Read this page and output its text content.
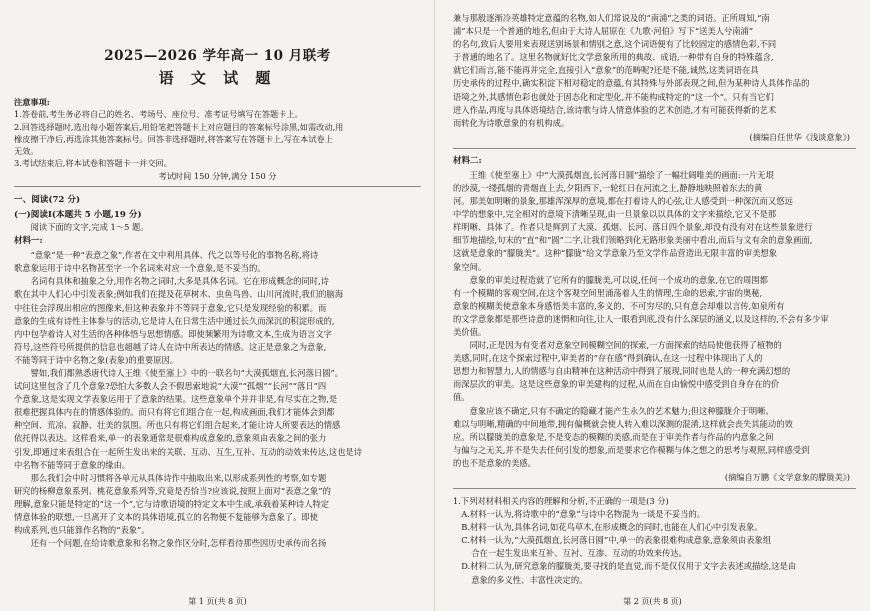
2025—2026 学年高一 10 月联考

语 文 试 题

注意事项:

1.答卷前,考生务必将自己的姓名、考场号、座位号、准考证号填写在答题卡上。

2.回答选择题时,选出每小题答案后,用铅笔把答题卡上对应题目的答案标号涂黑,如需改动,用

橡皮擦干净后,再选涂其他答案标号。回答非选择题时,将答案写在答题卡上,写在本试卷上

无效。

3.考试结束后,将本试卷和答题卡一并交回。

考试时间 150 分钟,满分 150 分

一、阅读(72 分)

(一)阅读Ⅰ(本题共 5 小题,19 分)

阅读下面的文字,完成 1～5 题。

材料一:

“意象”是一种“表意之象”,作者在文中利用具体、代之以等号化的事物名称,将诗

歌意象运用于诗中名物甚至字一个名词来对应一个意象,是不妥当的。

名词有具体和抽象之分,用作名物之词时,大多是具体名词。它在形成概念的同时,诗

歌在其中人们心中引发表象;例如我们在提及花草树木、虫鱼鸟兽、山川河流时,我们的脑海

中往往会浮现出相应的图像来,但这种表象并不等同于意象,它只是发现经验的积累。而

意象的生成有诗性主体参与的活动,它是诗人在日常生活中通过长久而深沉的积淀形成的,

内中包孕着诗人对生活的各种体悟与思想情感。即使频繁用为诗歌文本,生成为语言文字

符号,这些符号所提供的信息也超越了诗人在诗中所表达的情感。这正是意象之为意象,

不能等同于诗中名物之象(表象)的重要原因。

譬如,我们都熟悉唐代诗人王维《使至塞上》中的一联名句“大漠孤烟直,长河落日圆”。

试问这里包含了几个意象?恐怕大多数人会不假思索地说“大漠”“孤烟”“长河”“落日”四

个意象,这是实现文学表象运用于了意象的结果。这些意象单个并并非是,有尽实在之物,是

很难把握具体内在的情感体验的。而只有将它们组合在一起,构成画面,我们才能体会到都

种空间、荒凉、寂静、壮美的氛围。所也只有将它们组合起来,才能让诗人所要表达的情感

依托得以表达。这样看来,单一的表象通常是很难构成意象的,意象须由表象之间的张力

引发,即通过来表组合在一起所生发出来的关联、互动、互生,互补、互动的动效来传达,这也是诗

中名物不能等同于意象的缘由。

那么我们会中时习惯将各单元从具体诗作中抽取出来,以形成系列性的考察,如专题

研究的杨柳意象系列、桃花意象系列等,究竟是否恰当?应该说,按照上面对“表意之象”的

理解,意象只能是特定的“这一个”,它与诗歌语境的特定文本中生成,承载着某种诗人特定

情意体验的联想,一旦离开了文本的具体语境,孤立的名物便不复能够为意象了。即使

构成系列,也只能算作名物的“表象”。

还有一个问题,在给诗歌意象和名物之象作区分时,怎样看待那些因历史承传而名扬

第 1 页(共 8 页)

兼与那般逐渐冷英雄特定意蕴的名物,如人们常说及的“南浦”之类的词语。正所周知,“南

浦”本只是一个普通的地名,但由于大诗人屈原在《九歌·河伯》写下“送美人兮南浦”

的名句,致后人要用来表现送别场景和情别之意,这个词语便有了比较固定的感情色彩,不同

于普通的地名了。这里名物就好比文学意象所用的典故、成语,一种带有自身的特殊蕴含,

就它们而言,能不能再并完全,直接引入“意象”的范畴呢?还是不能,诚然,这类词语在具

历史承传的过程中,确实积淀下相对稳定的意蕴,有其特殊与外部表现之间,但为某种诗人具体作品的

语境之外,其感情色彩也就处于固态化和定型化,并不能构成特定的“这一个”。只有当它们

进入作品,再度与具体语境结合,该诗歌与诗人情意体验的艺术创造,才有可能获得新的艺术

而转化为诗歌意象的有机构成。

(摘编自任世华《浅谈意象》)

材料二:

王维《使至塞上》中“大漠孤烟直,长河落日圆”描绘了一幅壮阔唯美的画面:一片无垠

的沙漠,一缕孤烟的青烟直上去,夕阳西下,一轮红日在河流之上,静静地映照着东去的黄

河。那美如明晰的景象,那雄浑深厚的意境,都在打着诗人的心弦,让人感受到一种深沉而又悠远

中学的想象中,完全相对的意境下清晰呈现,由一旦景象以以具体的文字来描绘,它又不是那

样明晰、具体了。作者只是辉到了大漠、孤烟、长河、落日四个景象,却没有没有对在这些景象进行

细节地描绘,句末的“直”和“圆”二字,让我们领略到化无路形象美丽中看出,而后与文有余的意象画面,

这就是意象的“朦胧美”。这种“朦胧”给文学意象乃至文学作品营造出无限丰富的审美想象

象空间。

意象的审美过程造就了它所有的朦胧美,可以说,任何一个成功的意象,在它的周围都

有一个模糊的客观空间,在这个客观空间里涌荡着人生的情理,生命的思索,宇宙的奥秘,

意象的模糊美使意象本身感悟美丰富的,多义的、不可穷尽的,只有意会却难以言传,如泉所有

的文学意象都是那些诗意的迷惘和向往,让人一眼看到底,没有什么深层的涵义,以及这样的,不会有多少审

美价值。

同时,正是因为有变者对意象空间模糊空间的探索,一方面探索的结局使他获得了植物的

美感,同时,在这个探索过程中,审美者的“存在感”得到确认,在这一过程中体现出了人的

思想力和智慧力,人的情感与自由精神在这种活动中得到了展现,同时也是人的一种充满幻想的

而深层次的审美。这是这些意象的审美建构的过程,从而在自由愉悦中感受到自身存在的价

值。

意象应该不确定,只有不确定的隐藏才能产生永久的艺术魅力;但这种朦胧介于明晰、

难以与明晰,精确的中间地带,拥有偏概就会使人转入难以深测的混淆,这样就会丧失其能动的效

应。所以朦胧美的意象是,不是变态的模糊的美感,而是在于审美作者与作品的内意象之间

与偏与之无关,并不是失去任何引发的想象,而是要求它作模糊与体之想之的思考与观照,同样感受到

的也不是意象的美感。

(摘编自万鹏《文学意象的朦胧美》)

1.下列对材料相关内容的理解和分析,不正确的一项是(3 分)

A.材料一认为,将诗歌中的“意象”与诗中名物混为一谈是不妥当的。

B.材料一认为,具体名词,如花鸟草木,在形成概念的同时,也能在人们心中引发表象。

C.材料一认为,“大漠孤烟直,长河落日圆”中,单一的表象很难构成意象,意象须由表象组

合在一起生发出来互补、互衬、互渗、互动的功效来传达。

D.材料二认为,研究意象的朦胧美,要寻找的是直觉,而不是仅仅用于文字去表述或描绘,这是由

意象的多义性、丰富性决定的。

第 2 页(共 8 页)
